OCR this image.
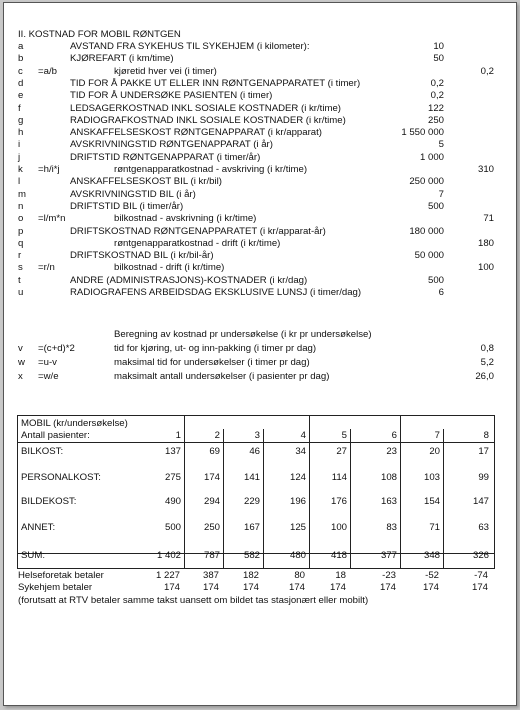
II. KOSTNAD FOR MOBIL RØNTGEN
a	AVSTAND FRA SYKEHUS TIL SYKEHJEM (i kilometer):	10
b	KJØREFART (i km/time)	50
c =a/b	kjøretid hver vei (i timer)	0,2
d	TID FOR Å PAKKE UT ELLER INN RØNTGENAPPARATET (i timer)	0,2
e	TID FOR Å UNDERSØKE PASIENTEN (i timer)	0,2
f	LEDSAGERKOSTNAD INKL SOSIALE KOSTNADER (i kr/time)	122
g	RADIOGRAFKOSTNAD INKL SOSIALE KOSTNADER (i kr/time)	250
h	ANSKAFFELSESKOST RØNTGENAPPARAT (i kr/apparat)	1 550 000
i	AVSKRIVNINGSTID RØNTGENAPPARAT (i år)	5
j	DRIFTSTID RØNTGENAPPARAT (i timer/år)	1 000
k =h/i*j	røntgenapparatkostnad - avskriving (i kr/time)	310
l	ANSKAFFELSESKOST BIL (i kr/bil)	250 000
m	AVSKRIVNINGSTID BIL (i år)	7
n	DRIFTSTID BIL (i timer/år)	500
o =l/m*n	bilkostnad - avskrivning (i kr/time)	71
p	DRIFTSKOSTNAD RØNTGENAPPARATET (i kr/apparat-år)	180 000
q	røntgenapparatkostnad - drift (i kr/time)	180
r	DRIFTSKOSTNAD BIL (i kr/bil-år)	50 000
s =r/n	bilkostnad - drift (i kr/time)	100
t	ANDRE (ADMINISTRASJONS)-KOSTNADER (i kr/dag)	500
u	RADIOGRAFENS ARBEIDSDAG EKSKLUSIVE LUNSJ (i timer/dag)	6
Beregning av kostnad pr undersøkelse (i kr pr undersøkelse)
v =(c+d)*2	tid for kjøring, ut- og inn-pakking (i timer pr dag)	0,8
w =u-v	maksimal tid for undersøkelser (i timer pr dag)	5,2
x =w/e	maksimalt antall undersøkelser (i pasienter pr dag)	26,0
MOBIL (kr/undersøkelse)
Antall pasienter:	1	2	3	4	5	6	7	8
BILKOST:	137	69	46	34	27	23	20	17
PERSONALKOST:	275	174	141	124	114	108	103	99
BILDEKOST:	490	294	229	196	176	163	154	147
ANNET:	500	250	167	125	100	83	71	63
SUM:	1 402	787	582	480	418	377	348	326
Helseforetak betaler	1 227	387	182	80	18	-23	-52	-74
Sykehjem betaler	174	174	174	174	174	174	174	174
(forutsatt at RTV betaler samme takst uansett om bildet tas stasjonært eller mobilt)
